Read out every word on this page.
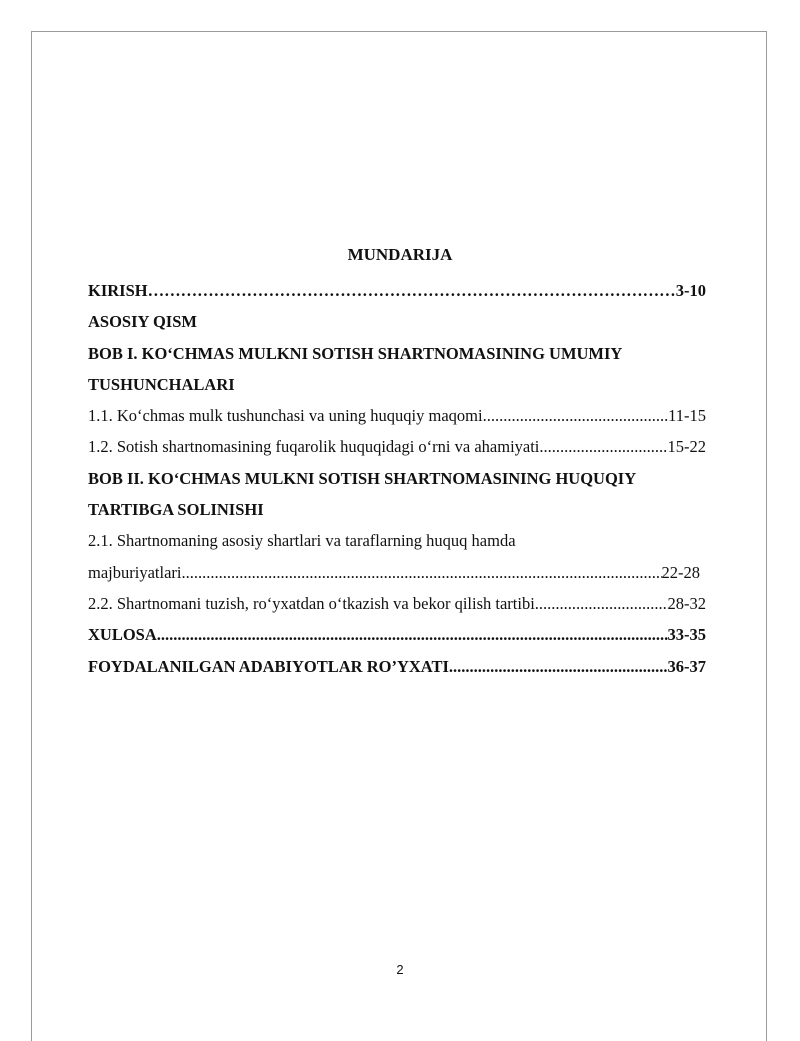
MUNDARIJA
KIRISH ……………………………………………………………………………………………………………………………………	3-10
ASOSIY QISM
BOB I. KO‘CHMAS MULKNI SOTISH SHARTNOMASINING UMUMIY
TUSHUNCHALARI
1.1. Ko‘chmas mulk tushunchasi va uning huquqiy maqomi .....	11-15
1.2. Sotish shartnomasining fuqarolik huquqidagi o‘rni va ahamiyati .....	15-22
BOB II. KO‘CHMAS MULKNI SOTISH SHARTNOMASINING HUQUQIY
TARTIBGA SOLINISHI
2.1. Shartnomaning asosiy shartlari va taraflarning huquq hamda
majburiyatlari .....	22-28
2.2. Shartnomani tuzish, ro‘yxatdan o‘tkazish va bekor qilish tartibi .....	28-32
XULOSA .....	33-35
FOYDALANILGAN ADABIYOTLAR RO’YXATI .....	36-37
2
